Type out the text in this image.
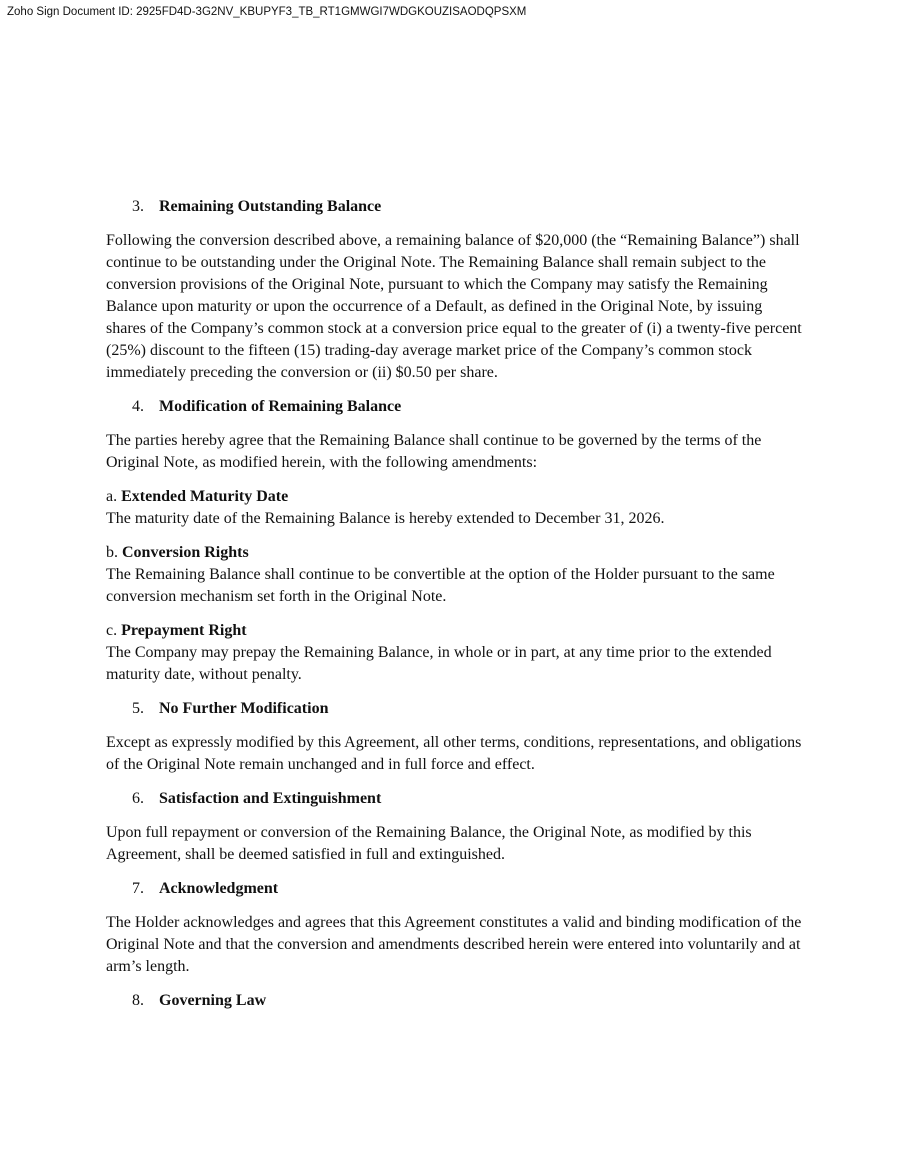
Zoho Sign Document ID: 2925FD4D-3G2NV_KBUPYF3_TB_RT1GMWGI7WDGKOUZISAODQPSXM
3. Remaining Outstanding Balance
Following the conversion described above, a remaining balance of $20,000 (the “Remaining Balance”) shall continue to be outstanding under the Original Note. The Remaining Balance shall remain subject to the conversion provisions of the Original Note, pursuant to which the Company may satisfy the Remaining Balance upon maturity or upon the occurrence of a Default, as defined in the Original Note, by issuing shares of the Company’s common stock at a conversion price equal to the greater of (i) a twenty-five percent (25%) discount to the fifteen (15) trading-day average market price of the Company’s common stock immediately preceding the conversion or (ii) $0.50 per share.
4. Modification of Remaining Balance
The parties hereby agree that the Remaining Balance shall continue to be governed by the terms of the Original Note, as modified herein, with the following amendments:
a. Extended Maturity Date
The maturity date of the Remaining Balance is hereby extended to December 31, 2026.
b. Conversion Rights
The Remaining Balance shall continue to be convertible at the option of the Holder pursuant to the same conversion mechanism set forth in the Original Note.
c. Prepayment Right
The Company may prepay the Remaining Balance, in whole or in part, at any time prior to the extended maturity date, without penalty.
5. No Further Modification
Except as expressly modified by this Agreement, all other terms, conditions, representations, and obligations of the Original Note remain unchanged and in full force and effect.
6. Satisfaction and Extinguishment
Upon full repayment or conversion of the Remaining Balance, the Original Note, as modified by this Agreement, shall be deemed satisfied in full and extinguished.
7. Acknowledgment
The Holder acknowledges and agrees that this Agreement constitutes a valid and binding modification of the Original Note and that the conversion and amendments described herein were entered into voluntarily and at arm’s length.
8. Governing Law
